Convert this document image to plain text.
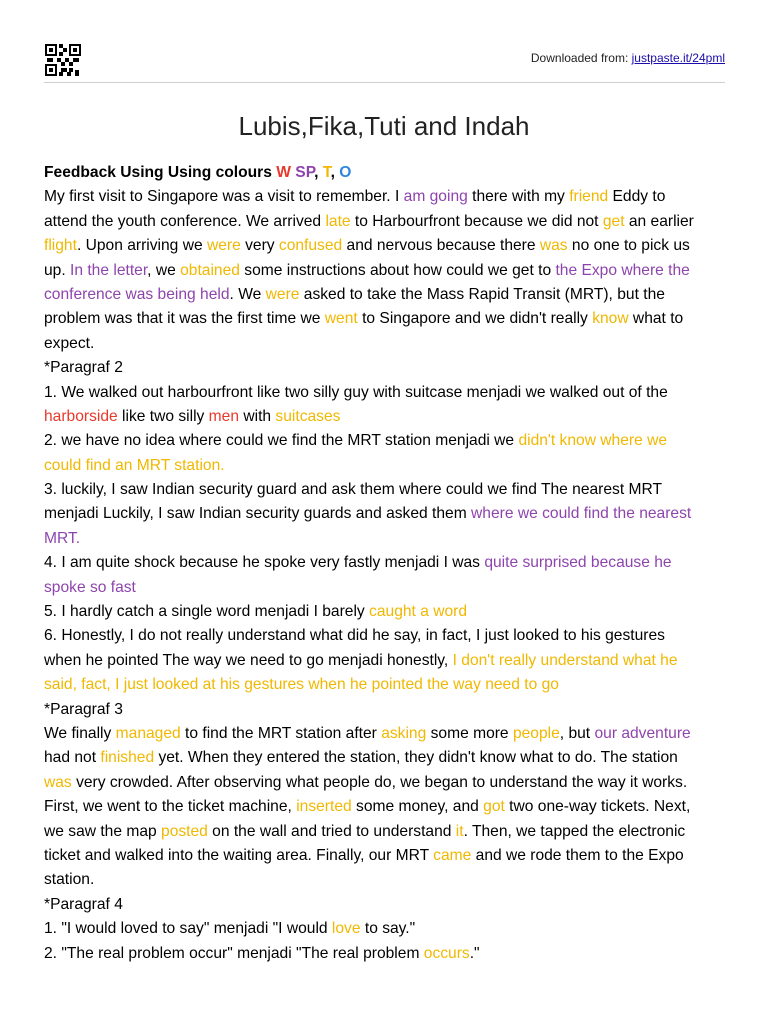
Downloaded from: justpaste.it/24pml
Lubis,Fika,Tuti and Indah
Feedback Using Using colours W SP, T, O
My first visit to Singapore was a visit to remember. I am going there with my friend Eddy to
attend the youth conference. We arrived late to Harbourfront because we did not get an earlier
flight. Upon arriving we were very confused and nervous because there was no one to pick us
up. In the letter, we obtained some instructions about how could we get to the Expo where the
conference was being held. We were asked to take the Mass Rapid Transit (MRT), but the
problem was that it was the first time we went to Singapore and we didn't really know what to
expect.
*Paragraf 2
1. We walked out harbourfront like two silly guy with suitcase menjadi we walked out of the
harborside like two silly men with suitcases
2. we have no idea where could we find the MRT station menjadi we didn't know where we
could find an MRT station.
3. luckily, I saw Indian security guard and ask them where could we find The nearest MRT
menjadi Luckily, I saw Indian security guards and asked them where we could find the nearest
MRT.
4. I am quite shock because he spoke very fastly menjadi I was quite surprised because he
spoke so fast
5. I hardly catch a single word menjadi I barely caught a word
6. Honestly, I do not really understand what did he say, in fact, I just looked to his gestures
when he pointed The way we need to go menjadi honestly, I don't really understand what he
said, fact, I just looked at his gestures when he pointed the way need to go
*Paragraf 3
We finally managed to find the MRT station after asking some more people, but our adventure
had not finished yet. When they entered the station, they didn't know what to do. The station
was very crowded. After observing what people do, we began to understand the way it works.
First, we went to the ticket machine, inserted some money, and got two one-way tickets. Next,
we saw the map posted on the wall and tried to understand it. Then, we tapped the electronic
ticket and walked into the waiting area. Finally, our MRT came and we rode them to the Expo
station.
*Paragraf 4
1. "I would loved to say" menjadi "I would love to say."
2. "The real problem occur" menjadi "The real problem occurs."
